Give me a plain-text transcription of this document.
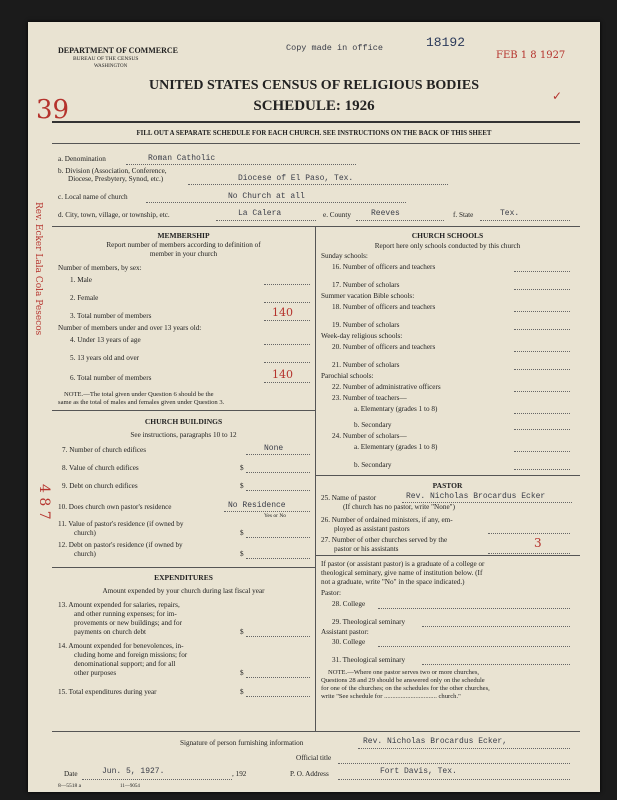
DEPARTMENT OF COMMERCE
BUREAU OF THE CENSUS
WASHINGTON
Copy made in office	18192
FEB 1 8 1927
✓
UNITED STATES CENSUS OF RELIGIOUS BODIES
SCHEDULE: 1926
FILL OUT A SEPARATE SCHEDULE FOR EACH CHURCH. SEE INSTRUCTIONS ON THE BACK OF THIS SHEET
39
Rev. Ecker Lala Cola Pesecos
4 8 7
a. Denomination	Roman Catholic
b. Division (Association, Conference,
Diocese, Presbytery, Synod, etc.)	Diocese of El Paso, Tex.
c. Local name of church	No Church at all
d. City, town, village, or township, etc.	La Calera	e. County	Reeves	f. State	Tex.
MEMBERSHIP
Report number of members according to definition of
member in your church
Number of members, by sex:
1. Male
2. Female
3. Total number of members	140
Number of members under and over 13 years old:
4. Under 13 years of age
5. 13 years old and over
6. Total number of members	140
NOTE.—The total given under Question 6 should be the
same as the total of males and females given under Question 3.
CHURCH BUILDINGS
See instructions, paragraphs 10 to 12
7. Number of church edifices	None
8. Value of church edifices	$
9. Debt on church edifices	$
10. Does church own pastor's residence	No Residence
Yes or No
11. Value of pastor's residence (if owned by
church)	$
12. Debt on pastor's residence (if owned by
church)	$
EXPENDITURES
Amount expended by your church during last fiscal year
13. Amount expended for salaries, repairs,
and other running expenses; for im-
provements or new buildings; and for
payments on church debt	$
14. Amount expended for benevolences, in-
cluding home and foreign missions; for
denominational support; and for all
other purposes	$
15. Total expenditures during year	$
CHURCH SCHOOLS
Report here only schools conducted by this church
Sunday schools:
16. Number of officers and teachers
17. Number of scholars
Summer vacation Bible schools:
18. Number of officers and teachers
19. Number of scholars
Week-day religious schools:
20. Number of officers and teachers
21. Number of scholars
Parochial schools:
22. Number of administrative officers
23. Number of teachers—
a. Elementary (grades 1 to 8)
b. Secondary
24. Number of scholars—
a. Elementary (grades 1 to 8)
b. Secondary
PASTOR
25. Name of pastor	Rev. Nicholas Brocardus Ecker
(If church has no pastor, write "None")
26. Number of ordained ministers, if any, em-
ployed as assistant pastors
27. Number of other churches served by the
pastor or his assistants	3
If pastor (or assistant pastor) is a graduate of a college or
theological seminary, give name of institution below. (If
not a graduate, write "No" in the space indicated.)
Pastor:
28. College
29. Theological seminary
Assistant pastor:
30. College
31. Theological seminary
NOTE.—Where one pastor serves two or more churches,
Questions 28 and 29 should be answered only on the schedule
for one of the churches; on the schedules for the other churches,
write "See schedule for ................................ church."
Signature of person furnishing information	Rev. Nicholas Brocardus Ecker,
Official title
Date	Jun. 5, 1927.	, 192	P. O. Address	Fort Davis, Tex.
8—5518 a	11—9054
